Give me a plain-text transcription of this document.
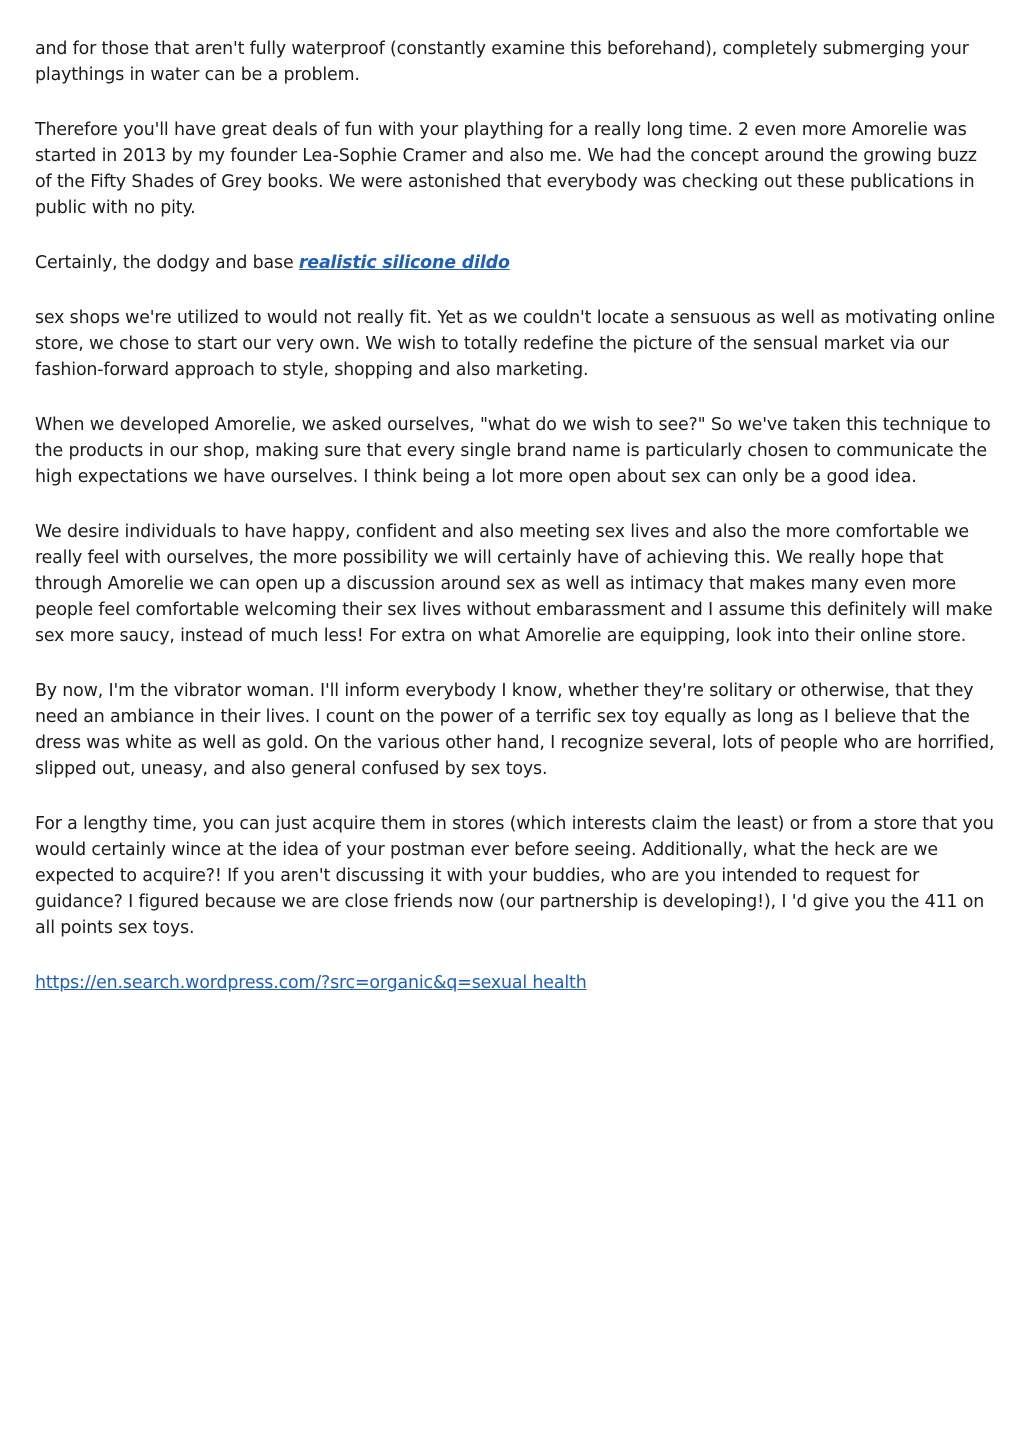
and for those that aren't fully waterproof (constantly examine this beforehand), completely submerging your playthings in water can be a problem.

Therefore you'll have great deals of fun with your plaything for a really long time. 2 even more Amorelie was started in 2013 by my founder Lea-Sophie Cramer and also me. We had the concept around the growing buzz of the Fifty Shades of Grey books. We were astonished that everybody was checking out these publications in public with no pity.

Certainly, the dodgy and base realistic silicone dildo

sex shops we're utilized to would not really fit. Yet as we couldn't locate a sensuous as well as motivating online store, we chose to start our very own. We wish to totally redefine the picture of the sensual market via our fashion-forward approach to style, shopping and also marketing.

When we developed Amorelie, we asked ourselves, "what do we wish to see?" So we've taken this technique to the products in our shop, making sure that every single brand name is particularly chosen to communicate the high expectations we have ourselves. I think being a lot more open about sex can only be a good idea.

We desire individuals to have happy, confident and also meeting sex lives and also the more comfortable we really feel with ourselves, the more possibility we will certainly have of achieving this. We really hope that through Amorelie we can open up a discussion around sex as well as intimacy that makes many even more people feel comfortable welcoming their sex lives without embarassment and I assume this definitely will make sex more saucy, instead of much less! For extra on what Amorelie are equipping, look into their online store.

By now, I'm the vibrator woman. I'll inform everybody I know, whether they're solitary or otherwise, that they need an ambiance in their lives. I count on the power of a terrific sex toy equally as long as I believe that the dress was white as well as gold. On the various other hand, I recognize several, lots of people who are horrified, slipped out, uneasy, and also general confused by sex toys.

For a lengthy time, you can just acquire them in stores (which interests claim the least) or from a store that you would certainly wince at the idea of your postman ever before seeing. Additionally, what the heck are we expected to acquire?! If you aren't discussing it with your buddies, who are you intended to request for guidance? I figured because we are close friends now (our partnership is developing!), I 'd give you the 411 on all points sex toys.

https://en.search.wordpress.com/?src=organic&q=sexual health
